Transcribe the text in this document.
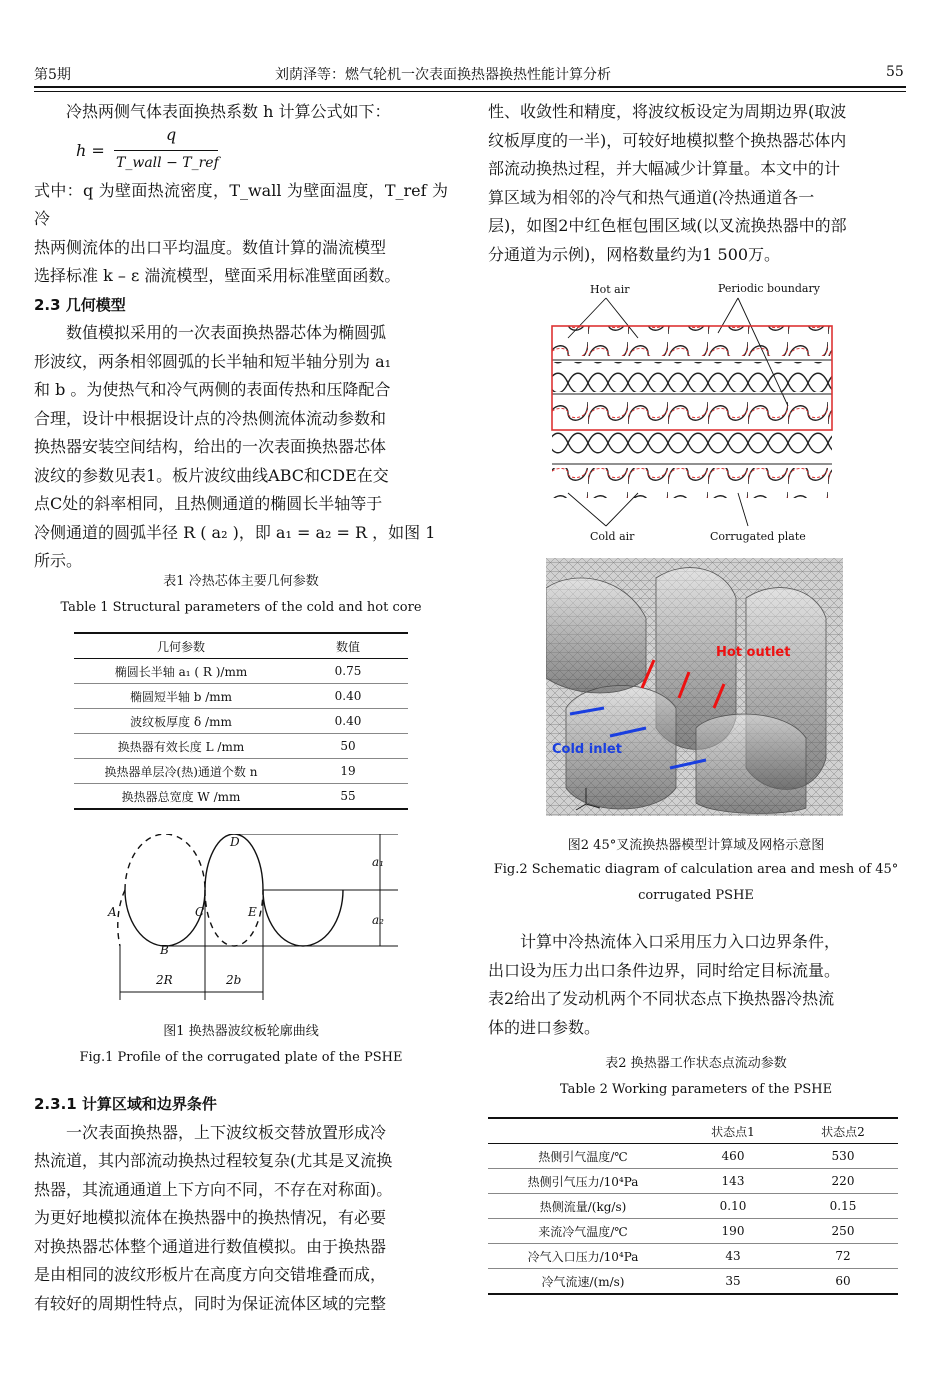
第5期	刘荫泽等：燃气轮机一次表面换热器换热性能计算分析	55

冷热两侧气体表面换热系数 h 计算公式如下：

h =
q
T_wall − T_ref

式中：q 为壁面热流密度，T_wall 为壁面温度，T_ref 为冷

热两侧流体的出口平均温度。数值计算的湍流模型

选择标准 k – ε 湍流模型，壁面采用标准壁面函数。

2.3 几何模型

数值模拟采用的一次表面换热器芯体为椭圆弧

形波纹，两条相邻圆弧的长半轴和短半轴分别为 a₁

和 b 。为使热气和冷气两侧的表面传热和压降配合

合理，设计中根据设计点的冷热侧流体流动参数和

换热器安装空间结构，给出的一次表面换热器芯体

波纹的参数见表1。板片波纹曲线ABC和CDE在交

点C处的斜率相同，且热侧通道的椭圆长半轴等于

冷侧通道的圆弧半径 R ( a₂ )，即 a₁ = a₂ = R ，如图 1

所示。

表1 冷热芯体主要几何参数
Table 1 Structural parameters of the cold and hot core
几何参数	数值
椭圆长半轴 a₁ ( R )/mm	0.75
椭圆短半轴 b /mm	0.40
波纹板厚度 δ /mm	0.40
换热器有效长度 L /mm	50
换热器单层冷(热)通道个数 n	19
换热器总宽度 W /mm	55
D
A	C	E
B
a₁
a₂
2R	2b
图1 换热器波纹板轮廓曲线
Fig.1 Profile of the corrugated plate of the PSHE

2.3.1 计算区域和边界条件

一次表面换热器，上下波纹板交替放置形成冷

热流道，其内部流动换热过程较复杂(尤其是叉流换

热器，其流通通道上下方向不同，不存在对称面)。

为更好地模拟流体在换热器中的换热情况，有必要

对换热器芯体整个通道进行数值模拟。由于换热器

是由相同的波纹形板片在高度方向交错堆叠而成，

有较好的周期性特点，同时为保证流体区域的完整

性、收敛性和精度，将波纹板设定为周期边界(取波

纹板厚度的一半)，可较好地模拟整个换热器芯体内

部流动换热过程，并大幅减少计算量。本文中的计

算区域为相邻的冷气和热气通道(冷热通道各一

层)，如图2中红色框包围区域(以叉流换热器中的部

分通道为示例)，网格数量约为1 500万。

Hot air	Periodic boundary
Cold air	Corrugated plate
Hot outlet
Cold inlet
图2 45°叉流换热器模型计算域及网格示意图
Fig.2 Schematic diagram of calculation area and mesh of 45°
corrugated PSHE

计算中冷热流体入口采用压力入口边界条件，

出口设为压力出口条件边界，同时给定目标流量。

表2给出了发动机两个不同状态点下换热器冷热流

体的进口参数。

表2 换热器工作状态点流动参数
Table 2 Working parameters of the PSHE
	状态点1	状态点2
热侧引气温度/℃	460	530
热侧引气压力/10⁴Pa	143	220
热侧流量/(kg/s)	0.10	0.15
来流冷气温度/℃	190	250
冷气入口压力/10⁴Pa	43	72
冷气流速/(m/s)	35	60
